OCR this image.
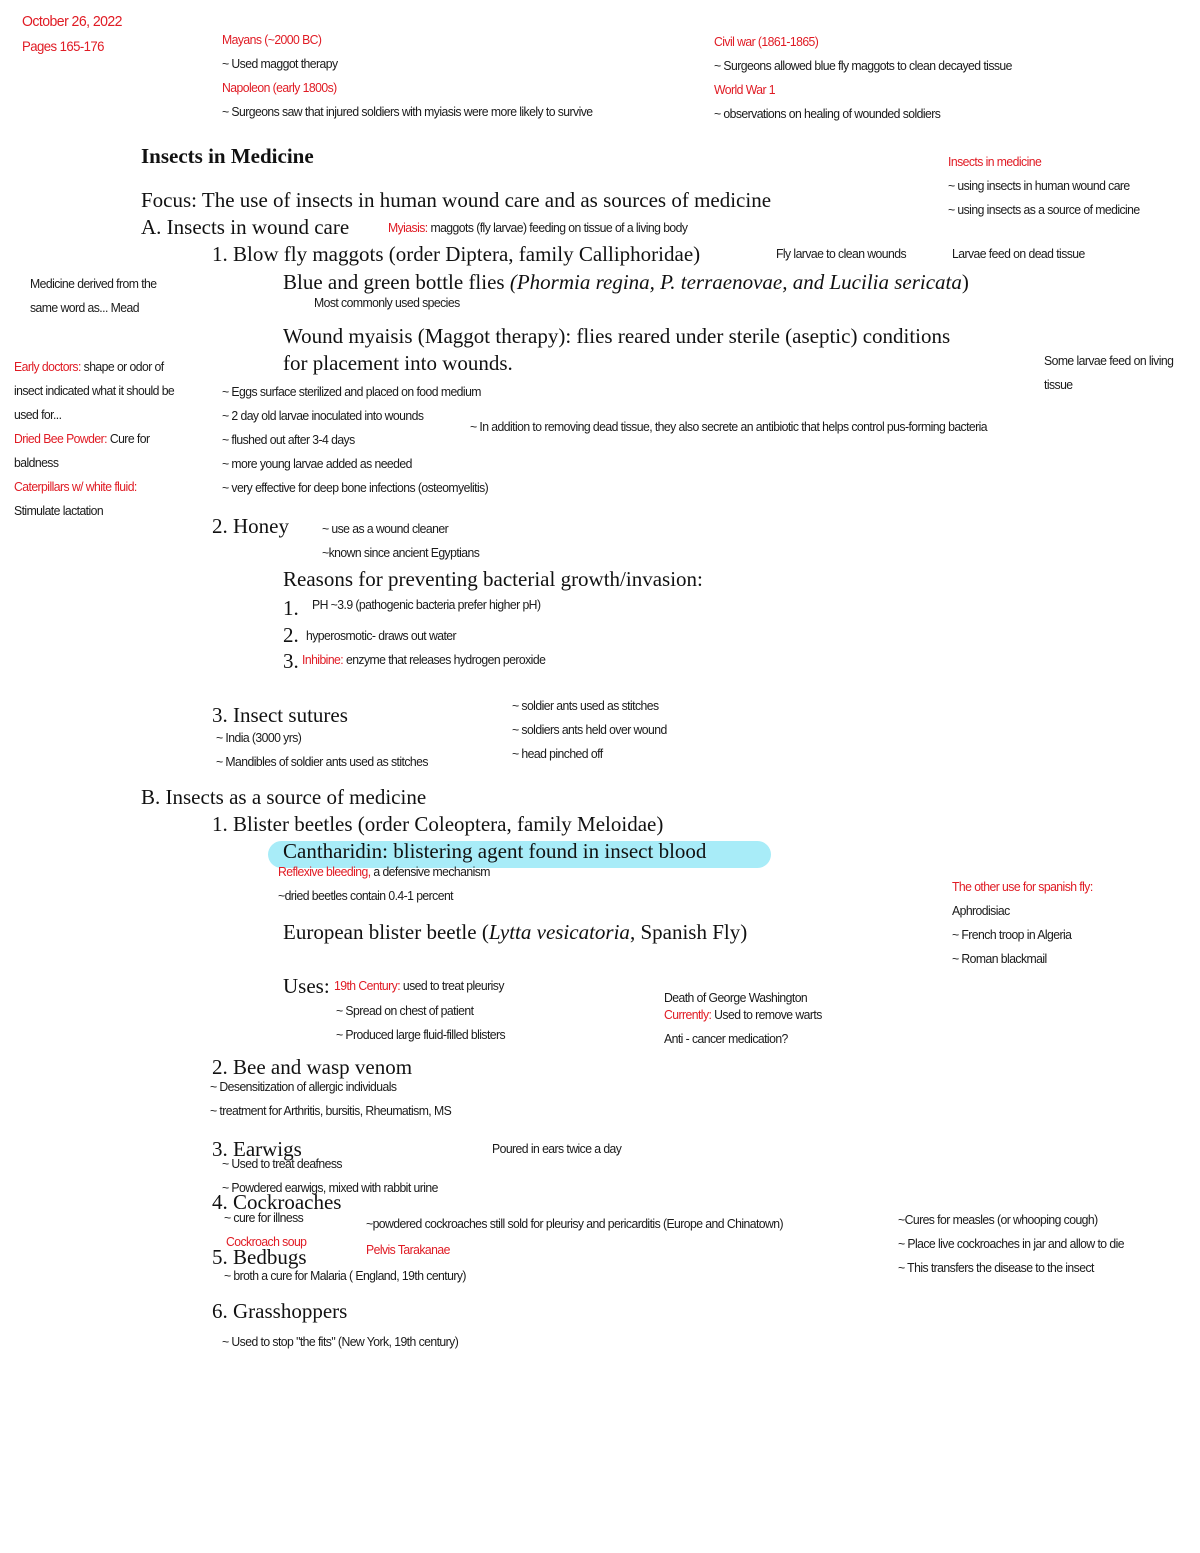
October 26, 2022
Pages 165-176	Mayans (~2000 BC)
~ Used maggot therapy
Napoleon (early 1800s)
~ Surgeons saw that injured soldiers with myiasis were more likely to survive
Civil war (1861-1865)
~ Surgeons allowed blue fly maggots to clean decayed tissue
World War 1
~ observations on healing of wounded soldiers
Insects in medicine
~ using insects in human wound care
~ using insects as a source of medicine
Larvae feed on dead tissue
Some larvae feed on living
tissue
Medicine derived from the
same word as... Mead
Early doctors: shape or odor of
insect indicated what it should be
used for...
Dried Bee Powder: Cure for
baldness
Caterpillars w/ white fluid:
Stimulate lactation
Insects in Medicine
Focus: The use of insects in human wound care and as sources of medicine
A. Insects in wound care	Myiasis: maggots (fly larvae) feeding on tissue of a living body
1. Blow fly maggots (order Diptera, family Calliphoridae)	Fly larvae to clean wounds
Blue and green bottle flies (Phormia regina, P. terraenovae, and Lucilia sericata)
Most commonly used species
Wound myaisis (Maggot therapy): flies reared under sterile (aseptic) conditions
for placement into wounds.
~ Eggs surface sterilized and placed on food medium
~ 2 day old larvae inoculated into wounds
~ flushed out after 3-4 days
~ more young larvae added as needed
~ very effective for deep bone infections (osteomyelitis)
~ In addition to removing dead tissue, they also secrete an antibiotic that helps control pus-forming bacteria
2. Honey	~ use as a wound cleaner
~known since ancient Egyptians
Reasons for preventing bacterial growth/invasion:
1. PH ~3.9 (pathogenic bacteria prefer higher pH)
2. hyperosmotic- draws out water
3. Inhibine: enzyme that releases hydrogen peroxide
3. Insect sutures
~ India (3000 yrs)
~ Mandibles of soldier ants used as stitches
~ soldier ants used as stitches
~ soldiers ants held over wound
~ head pinched off
B. Insects as a source of medicine
1. Blister beetles (order Coleoptera, family Meloidae)
Cantharidin: blistering agent found in insect blood
Reflexive bleeding, a defensive mechanism
~dried beetles contain 0.4-1 percent
European blister beetle (Lytta vesicatoria, Spanish Fly)
Uses: 19th Century: used to treat pleurisy
~ Spread on chest of patient
~ Produced large fluid-filled blisters
Death of George Washington
Currently: Used to remove warts
Anti - cancer medication?
The other use for spanish fly:
Aphrodisiac
~ French troop in Algeria
~ Roman blackmail
2. Bee and wasp venom
~ Desensitization of allergic individuals
~ treatment for Arthritis, bursitis, Rheumatism, MS
3. Earwigs	Poured in ears twice a day
~ Used to treat deafness
~ Powdered earwigs, mixed with rabbit urine
4. Cockroaches
~ cure for illness	~powdered cockroaches still sold for pleurisy and pericarditis (Europe and Chinatown)
Cockroach soup
Pelvis Tarakanae
~Cures for measles (or whooping cough)
~ Place live cockroaches in jar and allow to die
~ This transfers the disease to the insect
5. Bedbugs
~ broth a cure for Malaria ( England, 19th century)
6. Grasshoppers
~ Used to stop "the fits" (New York, 19th century)
